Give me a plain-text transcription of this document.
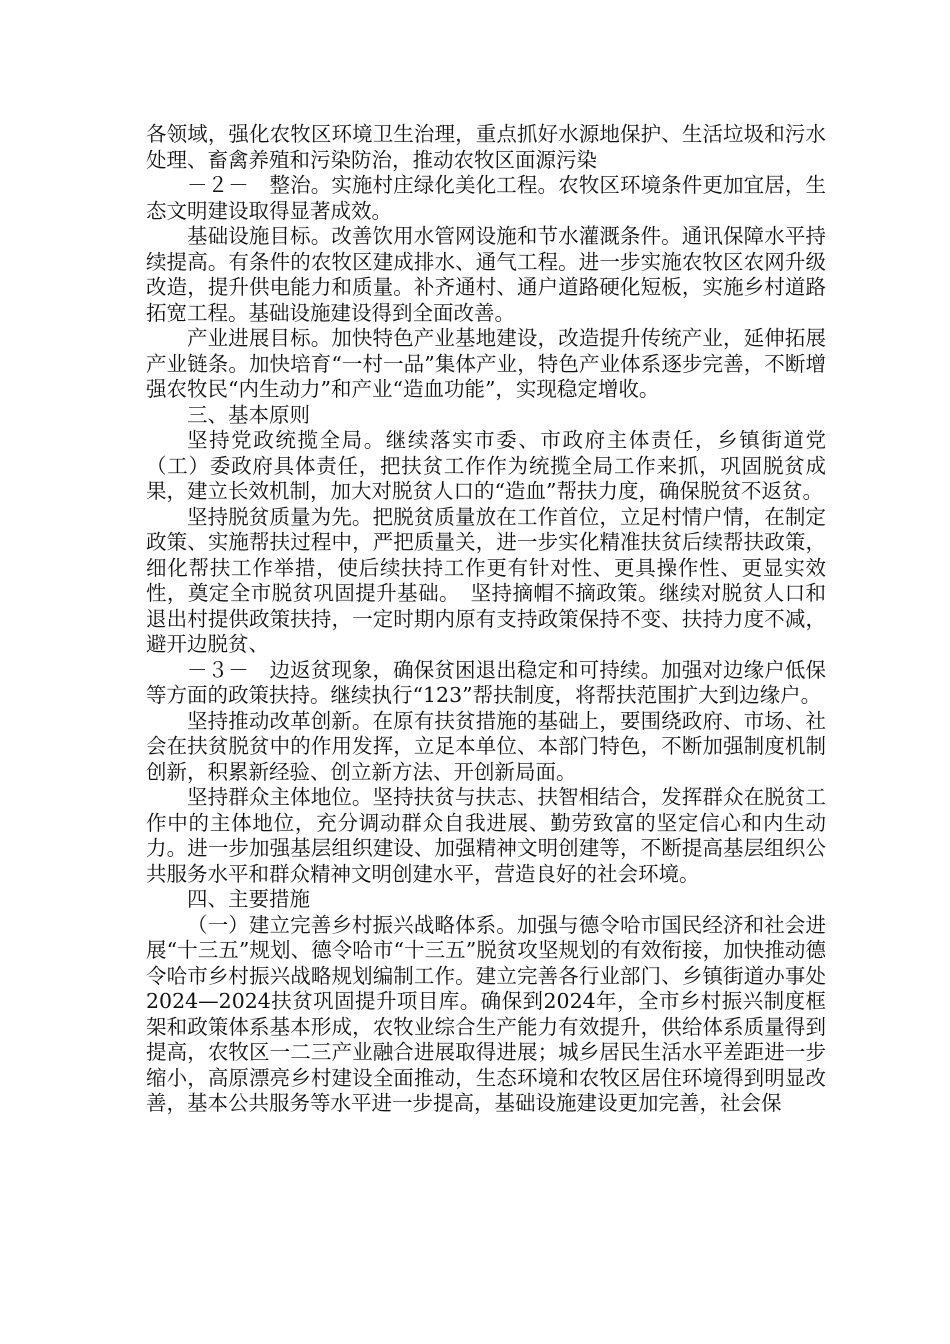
各领域，强化农牧区环境卫生治理，重点抓好水源地保护、生活垃圾和污水处理、畜禽养殖和污染防治，推动农牧区面源污染

－２－　整治。实施村庄绿化美化工程。农牧区环境条件更加宜居，生态文明建设取得显著成效。

基础设施目标。改善饮用水管网设施和节水灌溉条件。通讯保障水平持续提高。有条件的农牧区建成排水、通气工程。进一步实施农牧区农网升级改造，提升供电能力和质量。补齐通村、通户道路硬化短板，实施乡村道路拓宽工程。基础设施建设得到全面改善。

产业进展目标。加快特色产业基地建设，改造提升传统产业，延伸拓展产业链条。加快培育“一村一品”集体产业，特色产业体系逐步完善，不断增强农牧民“内生动力”和产业“造血功能”，实现稳定增收。

三、基本原则

坚持党政统揽全局。继续落实市委、市政府主体责任，乡镇街道党（工）委政府具体责任，把扶贫工作作为统揽全局工作来抓，巩固脱贫成果，建立长效机制，加大对脱贫人口的“造血”帮扶力度，确保脱贫不返贫。

坚持脱贫质量为先。把脱贫质量放在工作首位，立足村情户情，在制定政策、实施帮扶过程中，严把质量关，进一步实化精准扶贫后续帮扶政策，细化帮扶工作举措，使后续扶持工作更有针对性、更具操作性、更显实效性，奠定全市脱贫巩固提升基础。　坚持摘帽不摘政策。继续对脱贫人口和退出村提供政策扶持，一定时期内原有支持政策保持不变、扶持力度不减，避开边脱贫、

－３－　边返贫现象，确保贫困退出稳定和可持续。加强对边缘户低保等方面的政策扶持。继续执行“123”帮扶制度，将帮扶范围扩大到边缘户。

坚持推动改革创新。在原有扶贫措施的基础上，要围绕政府、市场、社会在扶贫脱贫中的作用发挥，立足本单位、本部门特色，不断加强制度机制创新，积累新经验、创立新方法、开创新局面。

坚持群众主体地位。坚持扶贫与扶志、扶智相结合，发挥群众在脱贫工作中的主体地位，充分调动群众自我进展、勤劳致富的坚定信心和内生动力。进一步加强基层组织建设、加强精神文明创建等，不断提高基层组织公共服务水平和群众精神文明创建水平，营造良好的社会环境。

四、主要措施

（一）建立完善乡村振兴战略体系。加强与德令哈市国民经济和社会进展“十三五”规划、德令哈市“十三五”脱贫攻坚规划的有效衔接，加快推动德令哈市乡村振兴战略规划编制工作。建立完善各行业部门、乡镇街道办事处2024—2024扶贫巩固提升项目库。确保到2024年，全市乡村振兴制度框架和政策体系基本形成，农牧业综合生产能力有效提升，供给体系质量得到提高，农牧区一二三产业融合进展取得进展；城乡居民生活水平差距进一步缩小，高原漂亮乡村建设全面推动，生态环境和农牧区居住环境得到明显改善，基本公共服务等水平进一步提高，基础设施建设更加完善，社会保
